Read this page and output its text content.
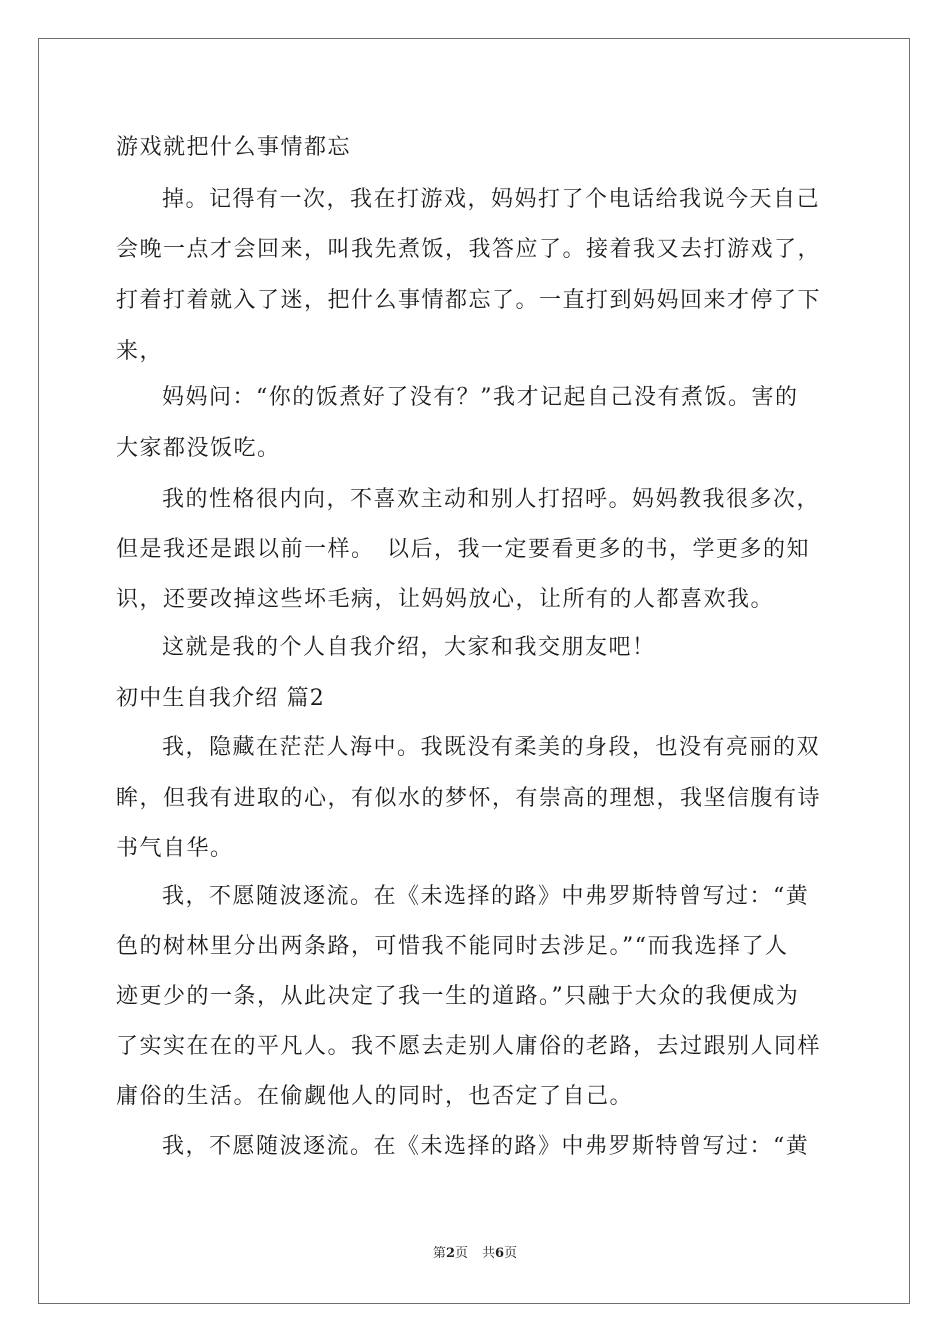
游戏就把什么事情都忘
掉。记得有一次，我在打游戏，妈妈打了个电话给我说今天自己
会晚一点才会回来，叫我先煮饭，我答应了。接着我又去打游戏了，
打着打着就入了迷，把什么事情都忘了。一直打到妈妈回来才停了下
来，
妈妈问：“你的饭煮好了没有？”我才记起自己没有煮饭。害的
大家都没饭吃。
我的性格很内向，不喜欢主动和别人打招呼。妈妈教我很多次，
但是我还是跟以前一样。　以后，我一定要看更多的书，学更多的知
识，还要改掉这些坏毛病，让妈妈放心，让所有的人都喜欢我。
这就是我的个人自我介绍，大家和我交朋友吧！
初中生自我介绍 篇2
我，隐藏在茫茫人海中。我既没有柔美的身段，也没有亮丽的双
眸，但我有进取的心，有似水的梦怀，有崇高的理想，我坚信腹有诗
书气自华。
我，不愿随波逐流。在《未选择的路》中弗罗斯特曾写过：“黄
色的树林里分出两条路，可惜我不能同时去涉足。”“而我选择了人
迹更少的一条，从此决定了我一生的道路。”只融于大众的我便成为
了实实在在的平凡人。我不愿去走别人庸俗的老路，去过跟别人同样
庸俗的生活。在偷觑他人的同时，也否定了自己。
我，不愿随波逐流。在《未选择的路》中弗罗斯特曾写过：“黄
第2页 共6页
